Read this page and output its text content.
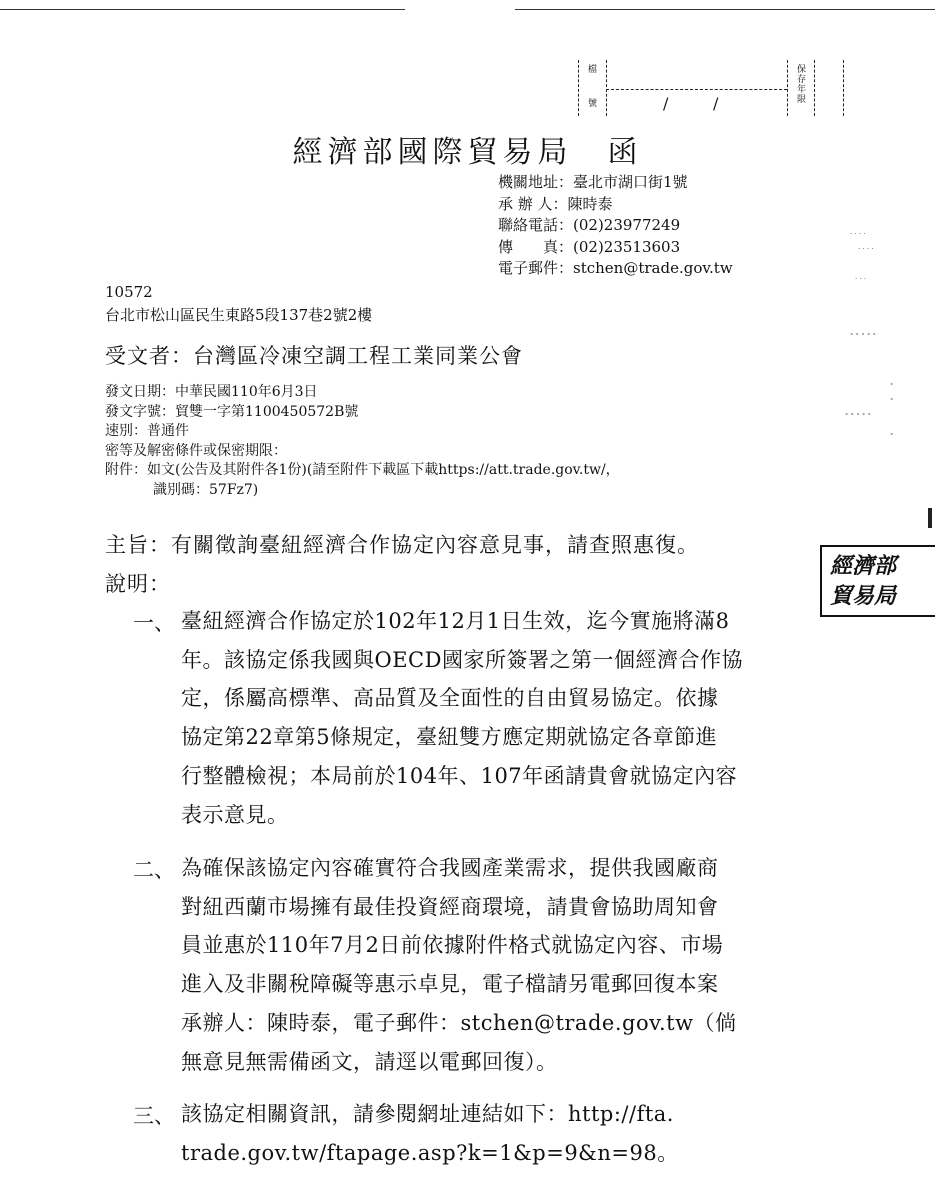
檔
號
保
存
年
限
/	/
經濟部國際貿易局　函
機關地址：臺北市湖口街1號
承 辦 人：陳時泰
聯絡電話：(02)23977249
傳　　真：(02)23513603
電子郵件：stchen@trade.gov.tw
10572
台北市松山區民生東路5段137巷2號2樓
受文者：台灣區冷凍空調工程工業同業公會
發文日期：中華民國110年6月3日
發文字號：貿雙一字第1100450572B號
速別：普通件
密等及解密條件或保密期限：
附件：如文(公告及其附件各1份)(請至附件下載區下載https://att.trade.gov.tw/，
識別碼：57Fz7)
主旨：有關徵詢臺紐經濟合作協定內容意見事，請查照惠復。
說明：
一、 臺紐經濟合作協定於102年12月1日生效，迄今實施將滿8
年。該協定係我國與OECD國家所簽署之第一個經濟合作協
定，係屬高標準、高品質及全面性的自由貿易協定。依據
協定第22章第5條規定，臺紐雙方應定期就協定各章節進
行整體檢視；本局前於104年、107年函請貴會就協定內容
表示意見。
二、 為確保該協定內容確實符合我國產業需求，提供我國廠商
對紐西蘭市場擁有最佳投資經商環境，請貴會協助周知會
員並惠於110年7月2日前依據附件格式就協定內容、市場
進入及非關稅障礙等惠示卓見，電子檔請另電郵回復本案
承辦人：陳時泰，電子郵件：stchen@trade.gov.tw（倘
無意見無需備函文，請逕以電郵回復）。
三、 該協定相關資訊，請參閱網址連結如下：http://fta.
trade.gov.tw/ftapage.asp?k=1&p=9&n=98。
經濟部
貿易局
· · · ·
· · · ·
· · ·
∘ ∘ ∘ ∘ ∘
∘ ∘ ∘ ∘ ∘
∘
∘
∘
